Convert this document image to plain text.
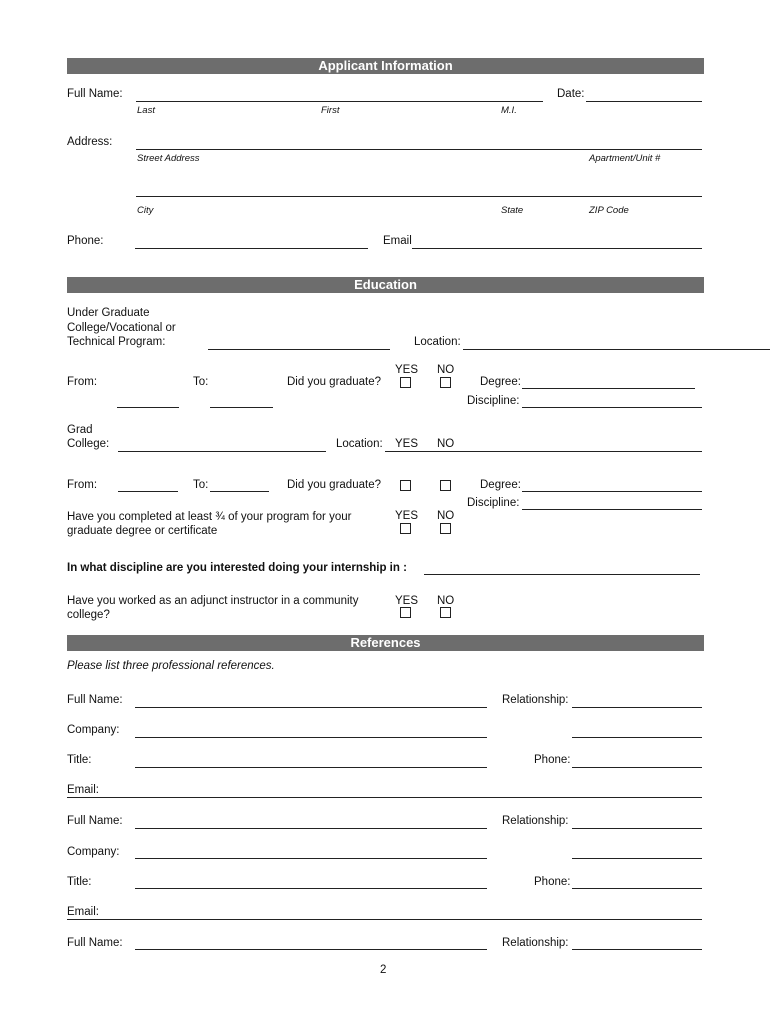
Applicant Information
Full Name:	Date:
Last	First	M.I.
Address:
Street Address	Apartment/Unit #
City	State	ZIP Code
Phone:	Email
Education
Under Graduate
College/Vocational or
Technical Program:	Location:
YES NO
From:	To:	Did you graduate?	Degree:
Discipline:
Grad
College:	Location: YES NO
From:	To:	Did you graduate?	Degree:
Discipline:
Have you completed at least ¾ of your program for your
graduate degree or certificate
YES NO
In what discipline are you interested doing your internship in :
Have you worked as an adjunct instructor in a community
college?
YES NO
References
Please list three professional references.
Full Name:	Relationship:
Company:
Title:	Phone:
Email:
Full Name:	Relationship:
Company:
Title:	Phone:
Email:
Full Name:	Relationship:
2
